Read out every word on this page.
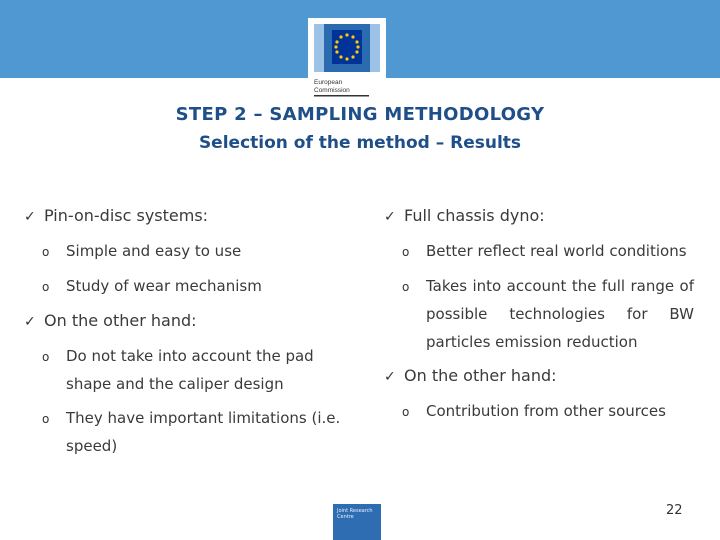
European
Commission
STEP 2 – SAMPLING METHODOLOGY
Selection of the method – Results
✓ Pin-on-disc systems:
o	Simple and easy to use
o	Study of wear mechanism
✓ On the other hand:
o	Do not take into account the pad shape and the caliper design
o	They have important limitations (i.e. speed)
✓ Full chassis dyno:
o	Better reflect real world conditions
o	Takes into account the full range of possible technologies for BW particles emission reduction
✓ On the other hand:
o	Contribution from other sources
Joint Research Centre	22
